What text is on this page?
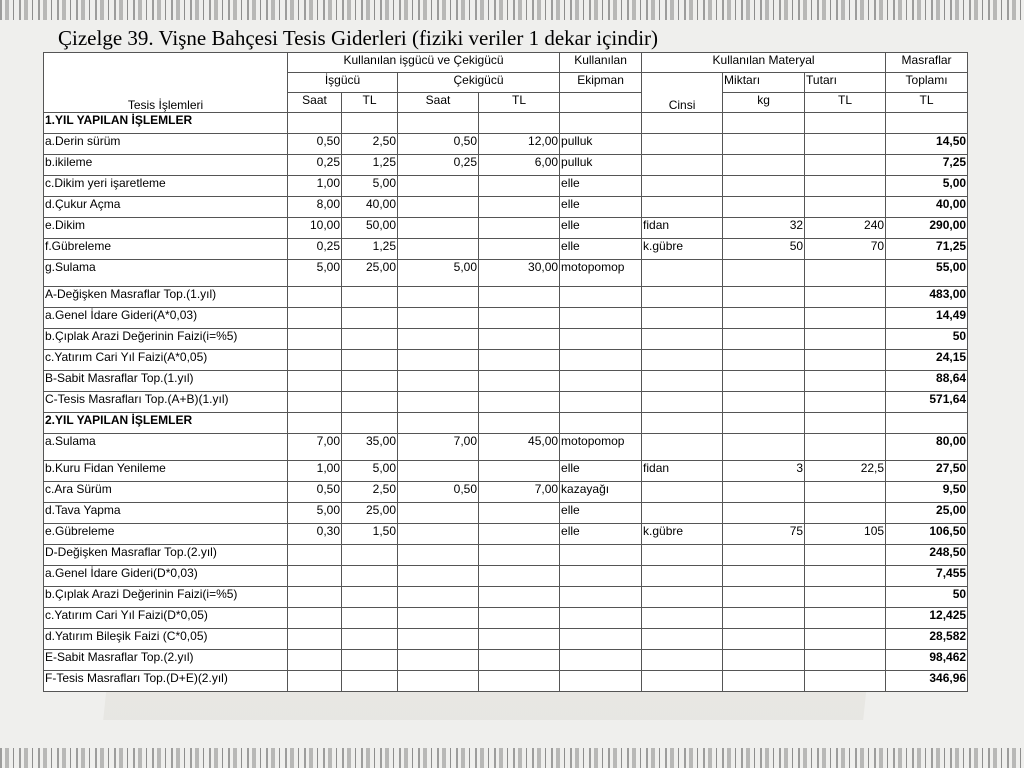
Çizelge 39. Vişne Bahçesi Tesis Giderleri (fiziki veriler 1 dekar içindir)
Tesis İşlemleri	Kullanılan işgücü ve Çekigücü				Kullanılan	Kullanılan Materyal			Masraflar
	İşgücü		Çekigücü		Ekipman	Cinsi	Miktarı	Tutarı	Toplamı
	Saat	TL	Saat	TL			kg	TL	TL
1.YIL YAPILAN İŞLEMLER									
a.Derin sürüm	0,50	2,50	0,50	12,00	pulluk				14,50
b.ikileme	0,25	1,25	0,25	6,00	pulluk				7,25
c.Dikim yeri işaretleme	1,00	5,00			elle				5,00
d.Çukur Açma	8,00	40,00			elle				40,00
e.Dikim	10,00	50,00			elle	fidan	32	240	290,00
f.Gübreleme	0,25	1,25			elle	k.gübre	50	70	71,25
g.Sulama	5,00	25,00	5,00	30,00	motopomop				55,00
A-Değişken Masraflar Top.(1.yıl)									483,00
a.Genel İdare Gideri(A*0,03)									14,49
b.Çıplak Arazi Değerinin Faizi(i=%5)									50
c.Yatırım Cari Yıl Faizi(A*0,05)									24,15
B-Sabit Masraflar Top.(1.yıl)									88,64
C-Tesis Masrafları Top.(A+B)(1.yıl)									571,64
2.YIL YAPILAN İŞLEMLER									
a.Sulama	7,00	35,00	7,00	45,00	motopomop				80,00
b.Kuru Fidan Yenileme	1,00	5,00			elle	fidan	3	22,5	27,50
c.Ara Sürüm	0,50	2,50	0,50	7,00	kazayağı				9,50
d.Tava Yapma	5,00	25,00			elle				25,00
e.Gübreleme	0,30	1,50			elle	k.gübre	75	105	106,50
D-Değişken Masraflar Top.(2.yıl)									248,50
a.Genel İdare Gideri(D*0,03)									7,455
b.Çıplak Arazi Değerinin Faizi(i=%5)									50
c.Yatırım Cari Yıl Faizi(D*0,05)									12,425
d.Yatırım Bileşik Faizi (C*0,05)									28,582
E-Sabit Masraflar Top.(2.yıl)									98,462
F-Tesis Masrafları Top.(D+E)(2.yıl)									346,96
